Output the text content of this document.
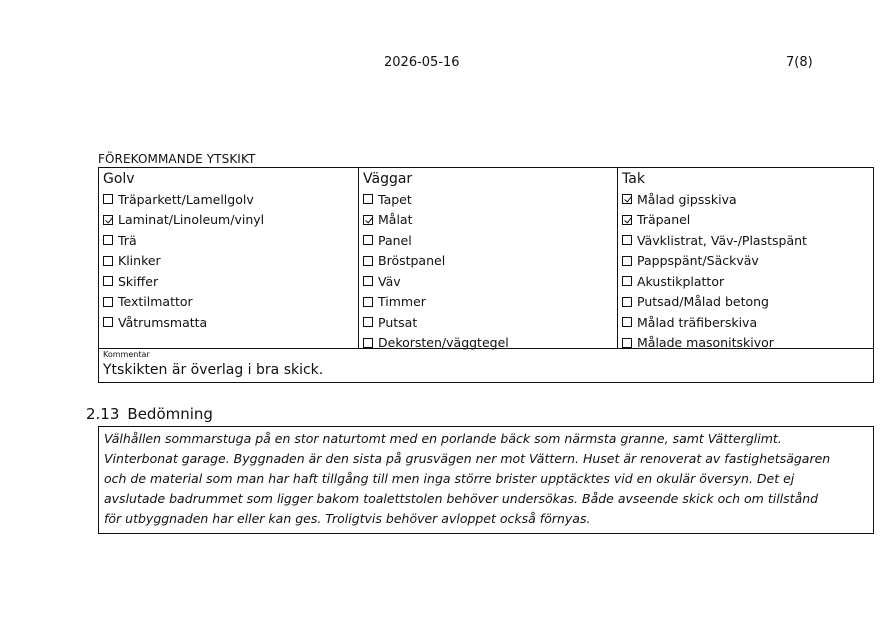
2026-05-16	7(8)
FÖREKOMMANDE YTSKIKT
Golv
Träparkett/Lamellgolv
Laminat/Linoleum/vinyl
Trä
Klinker
Skiffer
Textilmattor
Våtrumsmatta
Väggar
Tapet
Målat
Panel
Bröstpanel
Väv
Timmer
Putsat
Dekorsten/väggtegel
Tak
Målad gipsskiva
Träpanel
Vävklistrat, Väv-/Plastspänt
Pappspänt/Säckväv
Akustikplattor
Putsad/Målad betong
Målad träfiberskiva
Målade masonitskivor
Kommentar
Ytskikten är överlag i bra skick.
2.13 Bedömning
Välhållen sommarstuga på en stor naturtomt med en porlande bäck som närmsta granne, samt Vätterglimt.
Vinterbonat garage. Byggnaden är den sista på grusvägen ner mot Vättern. Huset är renoverat av fastighetsägaren
och de material som man har haft tillgång till men inga större brister upptäcktes vid en okulär översyn. Det ej
avslutade badrummet som ligger bakom toalettstolen behöver undersökas. Både avseende skick och om tillstånd
för utbyggnaden har eller kan ges. Troligtvis behöver avloppet också förnyas.
